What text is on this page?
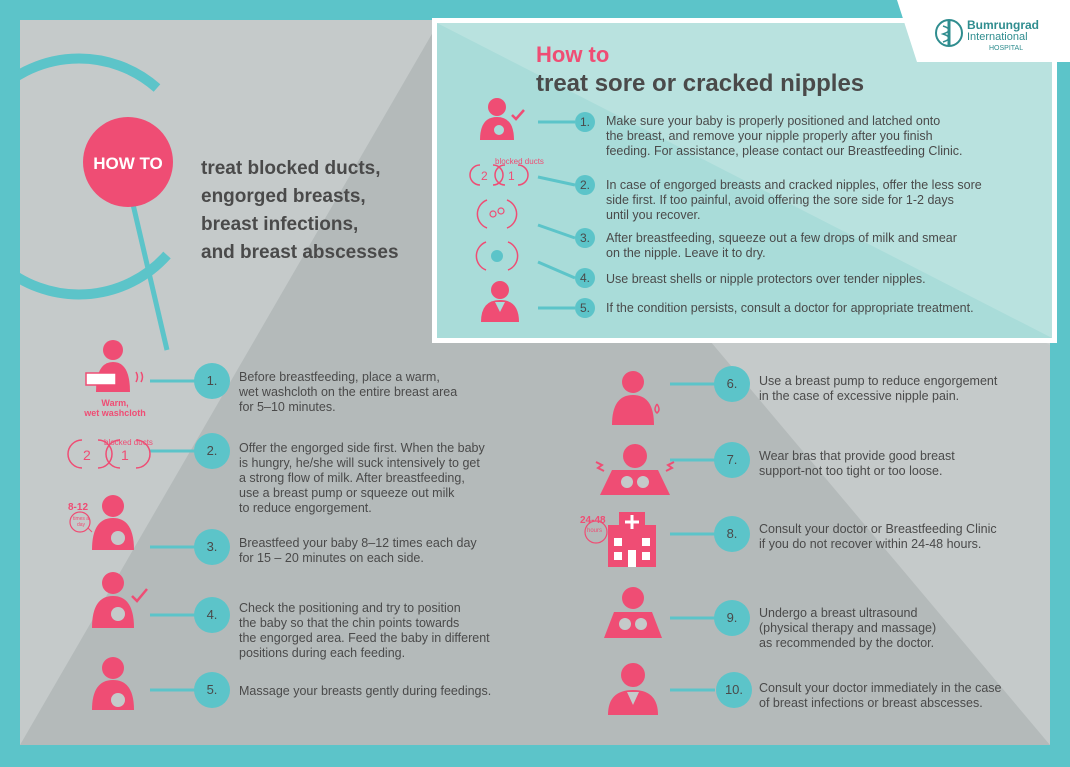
Bumrungrad
International
HOSPITAL
How to
treat sore or cracked nipples
blocked ducts
2 1
1.
2.
3.
4.
5.
Make sure your baby is properly positioned and latched onto
the breast, and remove your nipple properly after you finish
feeding. For assistance, please contact our Breastfeeding Clinic.
In case of engorged breasts and cracked nipples, offer the less sore
side first. If too painful, avoid offering the sore side for 1-2 days
until you recover.
After breastfeeding, squeeze out a few drops of milk and smear
on the nipple. Leave it to dry.
Use breast shells or nipple protectors over tender nipples.
If the condition persists, consult a doctor for appropriate treatment.
HOW TO	treat blocked ducts,
engorged breasts,
breast infections,
and breast abscesses
Warm,
wet washcloth
blocked ducts
2 1
8-12
times a day	24-48
hours
1.
2.
3.
4.
5.
6.
7.
8.
9.
10.
Before breastfeeding, place a warm,
wet washcloth on the entire breast area
for 5–10 minutes.
Offer the engorged side first. When the baby
is hungry, he/she will suck intensively to get
a strong flow of milk. After breastfeeding,
use a breast pump or squeeze out milk
to reduce engorgement.
Breastfeed your baby 8–12 times each day
for 15 – 20 minutes on each side.
Check the positioning and try to position
the baby so that the chin points towards
the engorged area. Feed the baby in different
positions during each feeding.
Massage your breasts gently during feedings.
Use a breast pump to reduce engorgement
in the case of excessive nipple pain.
Wear bras that provide good breast
support-not too tight or too loose.
Consult your doctor or Breastfeeding Clinic
if you do not recover within 24-48 hours.
Undergo a breast ultrasound
(physical therapy and massage)
as recommended by the doctor.
Consult your doctor immediately in the case
of breast infections or breast abscesses.
